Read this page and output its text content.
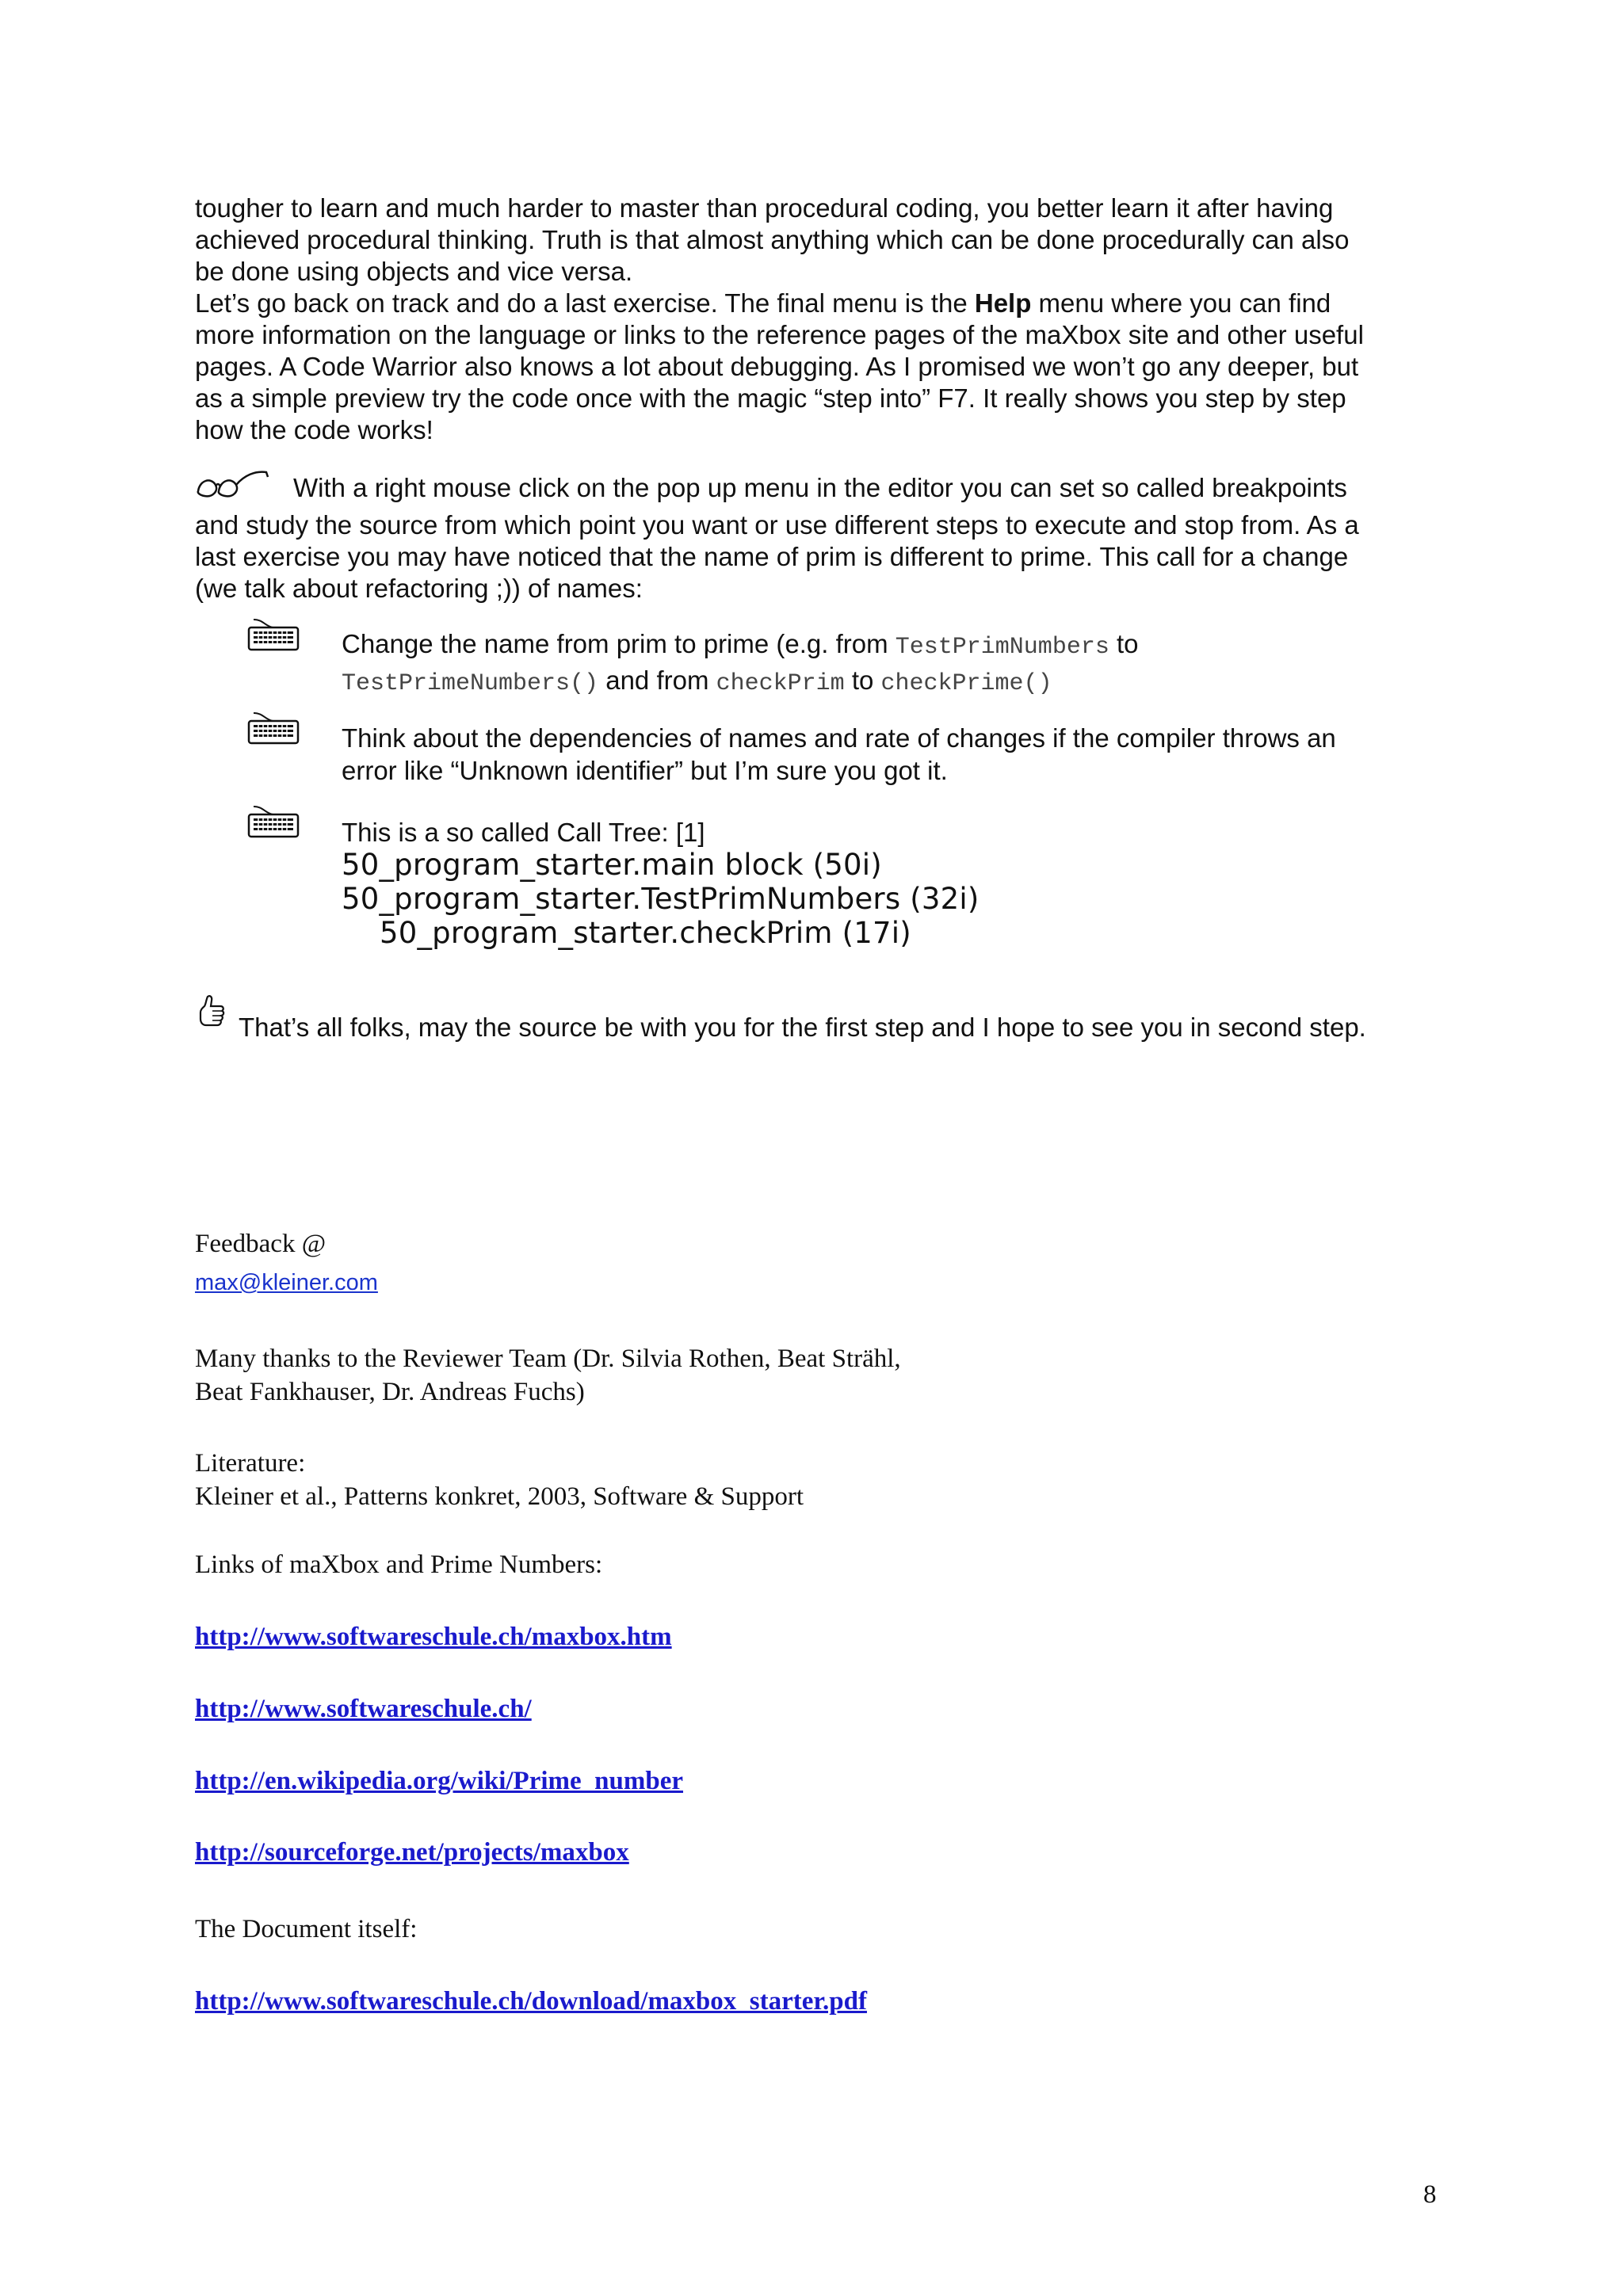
tougher to learn and much harder to master than procedural coding, you better learn it after having

achieved procedural thinking. Truth is that almost anything which can be done procedurally can also

be done using objects and vice versa.

Let’s go back on track and do a last exercise. The final menu is the Help menu where you can find

more information on the language or links to the reference pages of the maXbox site and other useful

pages. A Code Warrior also knows a lot about debugging. As I promised we won’t go any deeper, but

as a simple preview try the code once with the magic “step into” F7. It really shows you step by step

how the code works!

With a right mouse click on the pop up menu in the editor you can set so called breakpoints

and study the source from which point you want or use different steps to execute and stop from. As a

last exercise you may have noticed that the name of prim is different to prime. This call for a change

(we talk about refactoring ;)) of names:

Change the name from prim to prime (e.g. from TestPrimNumbers to
TestPrimeNumbers() and from checkPrim to checkPrime()
Think about the dependencies of names and rate of changes if the compiler throws an
error like “Unknown identifier” but I’m sure you got it.
This is a so called Call Tree: [1]
50_program_starter.main block (50i)
50_program_starter.TestPrimNumbers (32i)
50_program_starter.checkPrim (17i)
That’s all folks, may the source be with you for the first step and I hope to see you in second step.
Feedback @
max@kleiner.com
Many thanks to the Reviewer Team (Dr. Silvia Rothen, Beat Strähl,
Beat Fankhauser, Dr. Andreas Fuchs)
Literature:
Kleiner et al., Patterns konkret, 2003, Software & Support
Links of maXbox and Prime Numbers:
http://www.softwareschule.ch/maxbox.htm
http://www.softwareschule.ch/
http://en.wikipedia.org/wiki/Prime_number
http://sourceforge.net/projects/maxbox
The Document itself:
http://www.softwareschule.ch/download/maxbox_starter.pdf
8
